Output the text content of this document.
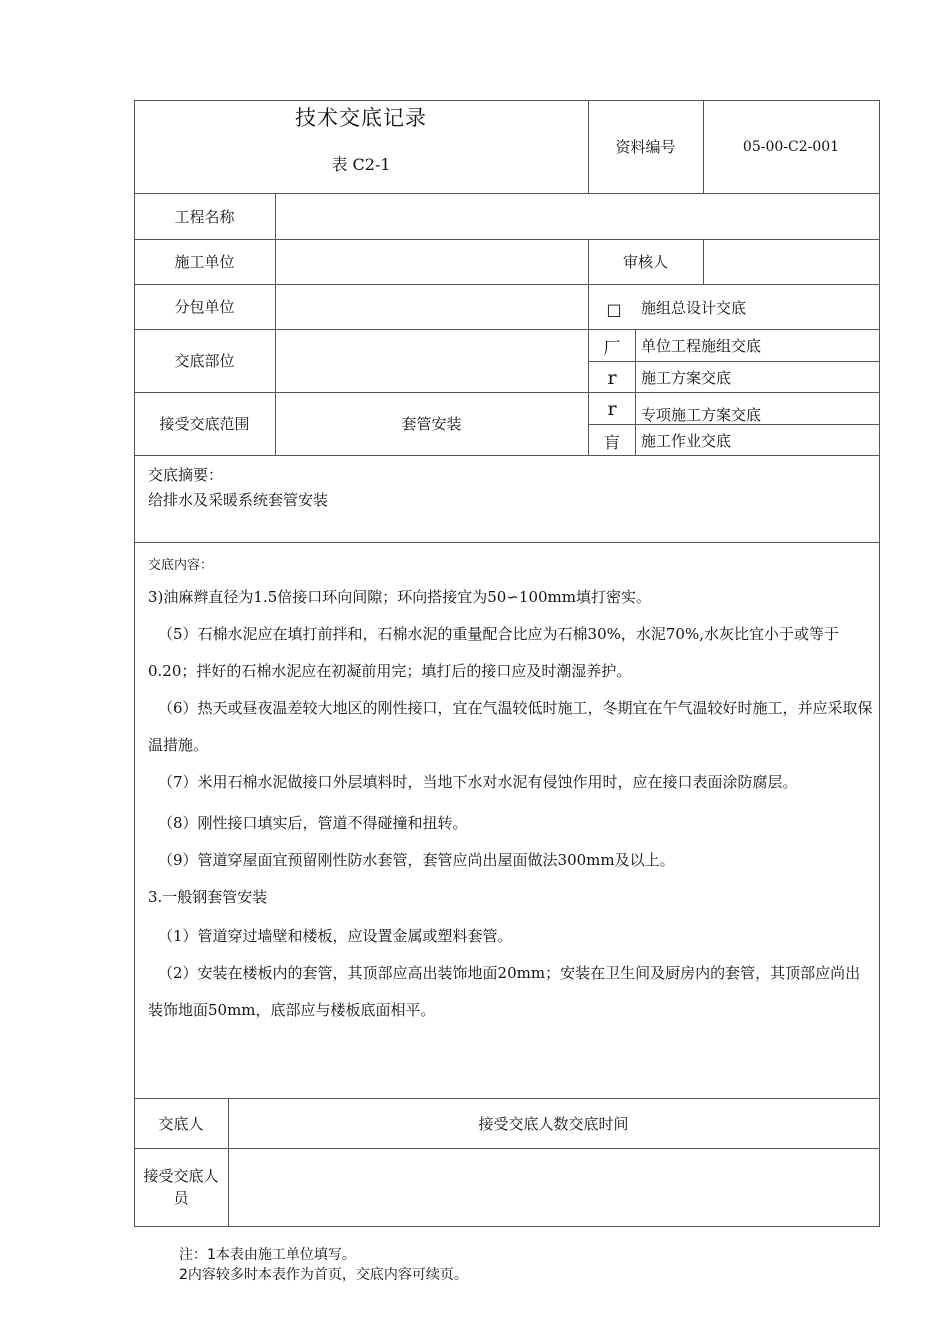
技术交底记录
表 C2-1
资料编号	05-00-C2-001
工程名称
施工单位	审核人
分包单位
交底部位
接受交底范围	套管安装
□	施组总设计交底
厂	单位工程施组交底
r	施工方案交底
r	专项施工方案交底
肓	施工作业交底
交底摘要：
给排水及采暖系统套管安装
交底内容：
3)油麻辫直径为1.5倍接口环向间隙；环向搭接宜为50∽100mm填打密实。
（5）石棉水泥应在填打前拌和，石棉水泥的重量配合比应为石棉30%，水泥70%,水灰比宜小于或等于0.20；拌好的石棉水泥应在初凝前用完；填打后的接口应及时潮湿养护。
（6）热天或昼夜温差较大地区的刚性接口，宜在气温较低时施工，冬期宜在午气温较好时施工，并应采取保温措施。
（7）米用石棉水泥做接口外层填料时，当地下水对水泥有侵蚀作用时，应在接口表面涂防腐层。
（8）刚性接口填实后，管道不得碰撞和扭转。
（9）管道穿屋面宜预留刚性防水套管，套管应尚出屋面做法300mm及以上。
3.一般钢套管安装
（1）管道穿过墙壁和楼板，应设置金属或塑料套管。
（2）安装在楼板内的套管，其顶部应高出装饰地面20mm；安装在卫生间及厨房内的套管，其顶部应尚出装饰地面50mm，底部应与楼板底面相平。
交底人	接受交底人数交底时间
接受交底人员
注：1本表由施工单位填写。
2内容较多时本表作为首页，交底内容可续页。
